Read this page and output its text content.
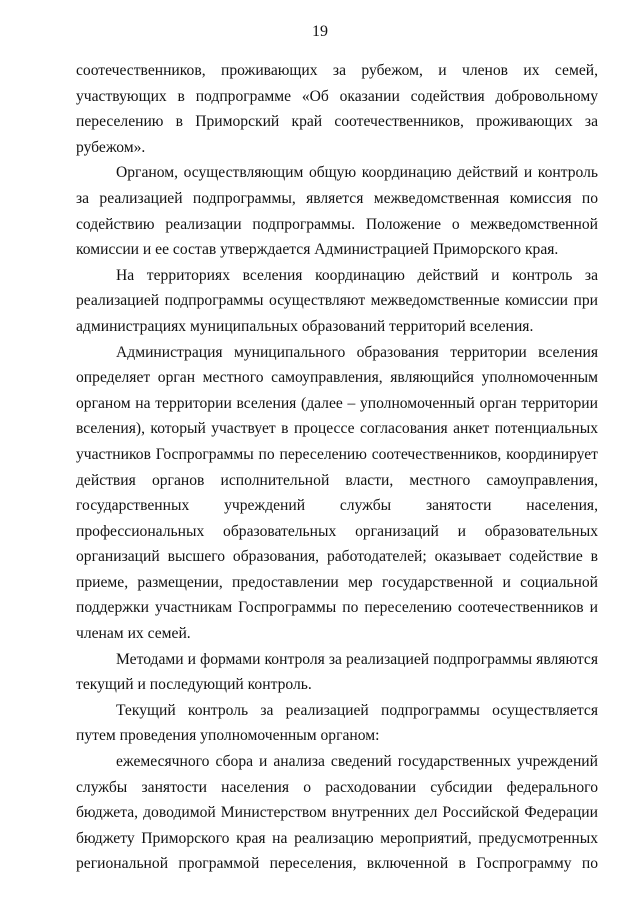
19

соотечественников, проживающих за рубежом, и членов их семей, участвующих в подпрограмме «Об оказании содействия добровольному переселению в Приморский край соотечественников, проживающих за рубежом».

Органом, осуществляющим общую координацию действий и контроль за реализацией подпрограммы, является межведомственная комиссия по содействию реализации подпрограммы. Положение о межведомственной комиссии и ее состав утверждается Администрацией Приморского края.

На территориях вселения координацию действий и контроль за реализацией подпрограммы осуществляют межведомственные комиссии при администрациях муниципальных образований территорий вселения.

Администрация муниципального образования территории вселения определяет орган местного самоуправления, являющийся уполномоченным органом на территории вселения (далее – уполномоченный орган территории вселения), который участвует в процессе согласования анкет потенциальных участников Госпрограммы по переселению соотечественников, координирует действия органов исполнительной власти, местного самоуправления, государственных учреждений службы занятости населения, профессиональных образовательных организаций и образовательных организаций высшего образования, работодателей; оказывает содействие в приеме, размещении, предоставлении мер государственной и социальной поддержки участникам Госпрограммы по переселению соотечественников и членам их семей.

Методами и формами контроля за реализацией подпрограммы являются текущий и последующий контроль.

Текущий контроль за реализацией подпрограммы осуществляется путем проведения уполномоченным органом:

ежемесячного сбора и анализа сведений государственных учреждений службы занятости населения о расходовании субсидии федерального бюджета, доводимой Министерством внутренних дел Российской Федерации бюджету Приморского края на реализацию мероприятий, предусмотренных региональной программой переселения, включенной в Госпрограмму по
